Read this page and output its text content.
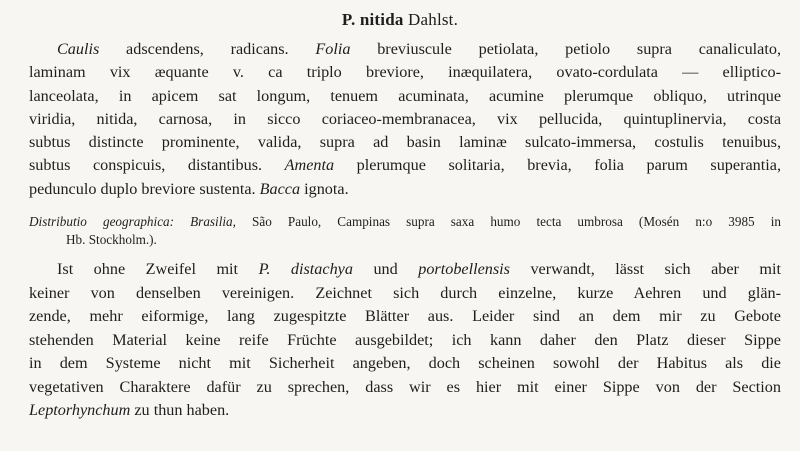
P. nitida Dahlst.
Caulis adscendens, radicans. Folia breviuscule petiolata, petiolo supra canaliculato,
laminam vix æquante v. ca triplo breviore, inæquilatera, ovato-cordulata — ellipticо-
lanceolata, in apicem sat longum, tenuem acuminata, acumine plerumque obliquo, utrinque
viridia, nitida, carnosa, in sicco coriaceo-membranacea, vix pellucida, quintuplinervia, costa
subtus distincte prominente, valida, supra ad basin laminæ sulcato-immersa, costulis tenuibus,
subtus conspicuis, distantibus. Amenta plerumque solitaria, brevia, folia parum superantia,
pedunculo duplo breviore sustenta. Bacca ignota.
Distributio geographica: Brasilia, São Paulo, Campinas supra saxa humo tecta umbrosa (Mosén n:o 3985 in
Hb. Stockholm.).
Ist ohne Zweifel mit P. distachya und portobellensis verwandt, lässt sich aber mit
keiner von denselben vereinigen. Zeichnet sich durch einzelne, kurze Aehren und glän-
zende, mehr eiformige, lang zugespitzte Blätter aus. Leider sind an dem mir zu Gebote
stehenden Material keine reife Früchte ausgebildet; ich kann daher den Platz dieser Sippe
in dem Systeme nicht mit Sicherheit angeben, doch scheinen sowohl der Habitus als die
vegetativen Charaktere dafür zu sprechen, dass wir es hier mit einer Sippe von der Section
Leptorhynchum zu thun haben.
